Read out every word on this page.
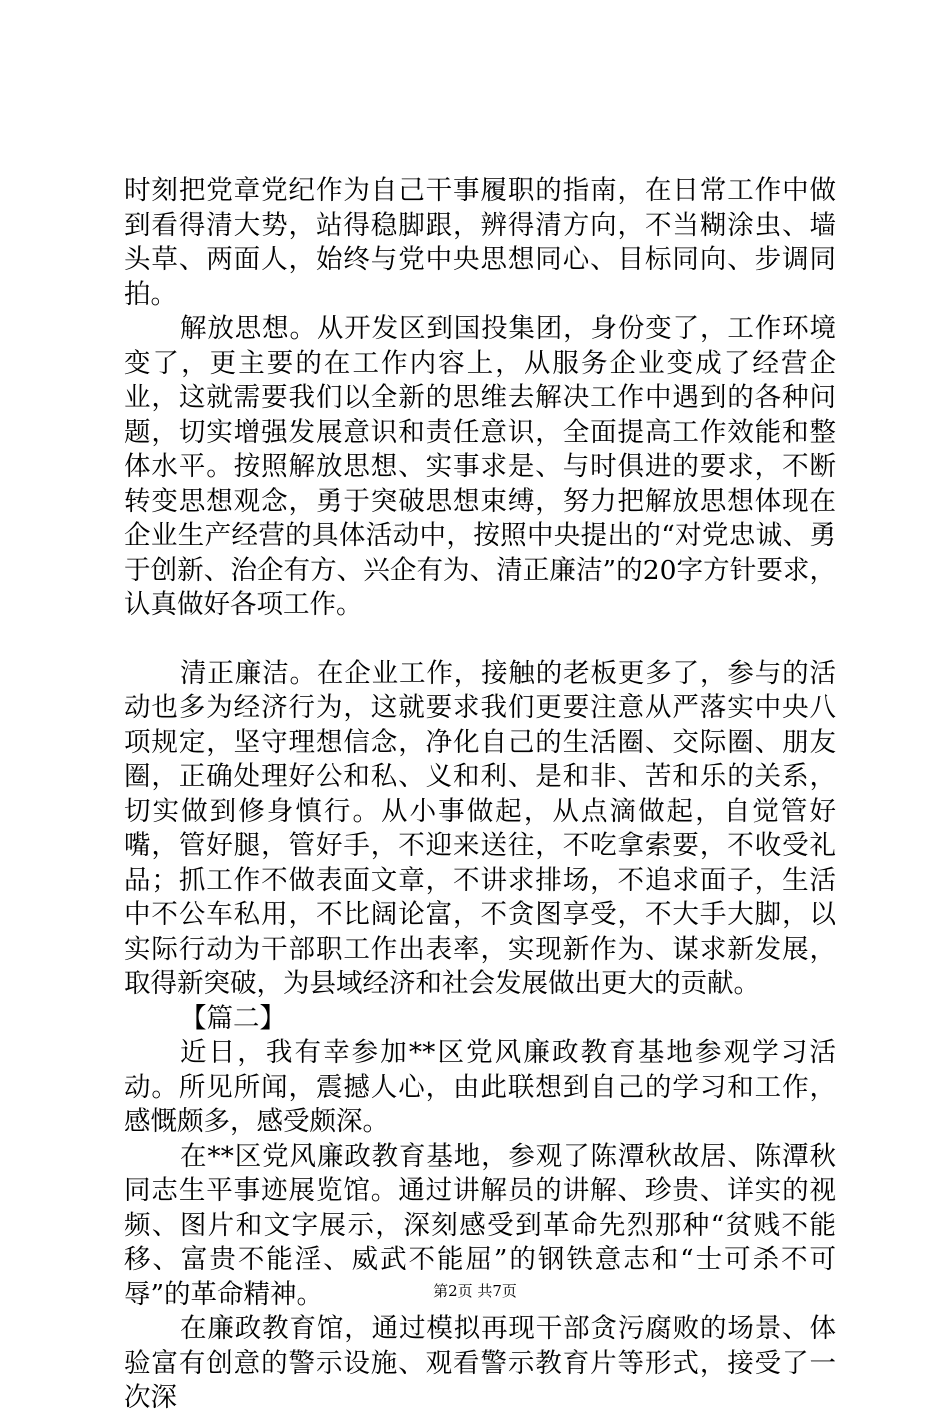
时刻把党章党纪作为自己干事履职的指南，在日常工作中做到看得清大势，站得稳脚跟，辨得清方向，不当糊涂虫、墙头草、两面人，始终与党中央思想同心、目标同向、步调同拍。

解放思想。从开发区到国投集团，身份变了，工作环境变了，更主要的在工作内容上，从服务企业变成了经营企业，这就需要我们以全新的思维去解决工作中遇到的各种问题，切实增强发展意识和责任意识，全面提高工作效能和整体水平。按照解放思想、实事求是、与时俱进的要求，不断转变思想观念，勇于突破思想束缚，努力把解放思想体现在企业生产经营的具体活动中，按照中央提出的“对党忠诚、勇于创新、治企有方、兴企有为、清正廉洁”的20字方针要求，认真做好各项工作。

清正廉洁。在企业工作，接触的老板更多了，参与的活动也多为经济行为，这就要求我们更要注意从严落实中央八项规定，坚守理想信念，净化自己的生活圈、交际圈、朋友圈，正确处理好公和私、义和利、是和非、苦和乐的关系，切实做到修身慎行。从小事做起，从点滴做起，自觉管好嘴，管好腿，管好手，不迎来送往，不吃拿索要，不收受礼品；抓工作不做表面文章，不讲求排场，不追求面子，生活中不公车私用，不比阔论富，不贪图享受，不大手大脚，以实际行动为干部职工作出表率，实现新作为、谋求新发展，取得新突破，为县域经济和社会发展做出更大的贡献。

【篇二】

近日，我有幸参加**区党风廉政教育基地参观学习活动。所见所闻，震撼人心，由此联想到自己的学习和工作，感慨颇多，感受颇深。

在**区党风廉政教育基地，参观了陈潭秋故居、陈潭秋同志生平事迹展览馆。通过讲解员的讲解、珍贵、详实的视频、图片和文字展示，深刻感受到革命先烈那种“贫贱不能移、富贵不能淫、威武不能屈”的钢铁意志和“士可杀不可辱”的革命精神。

在廉政教育馆，通过模拟再现干部贪污腐败的场景、体验富有创意的警示设施、观看警示教育片等形式，接受了一次深

第2页 共7页
